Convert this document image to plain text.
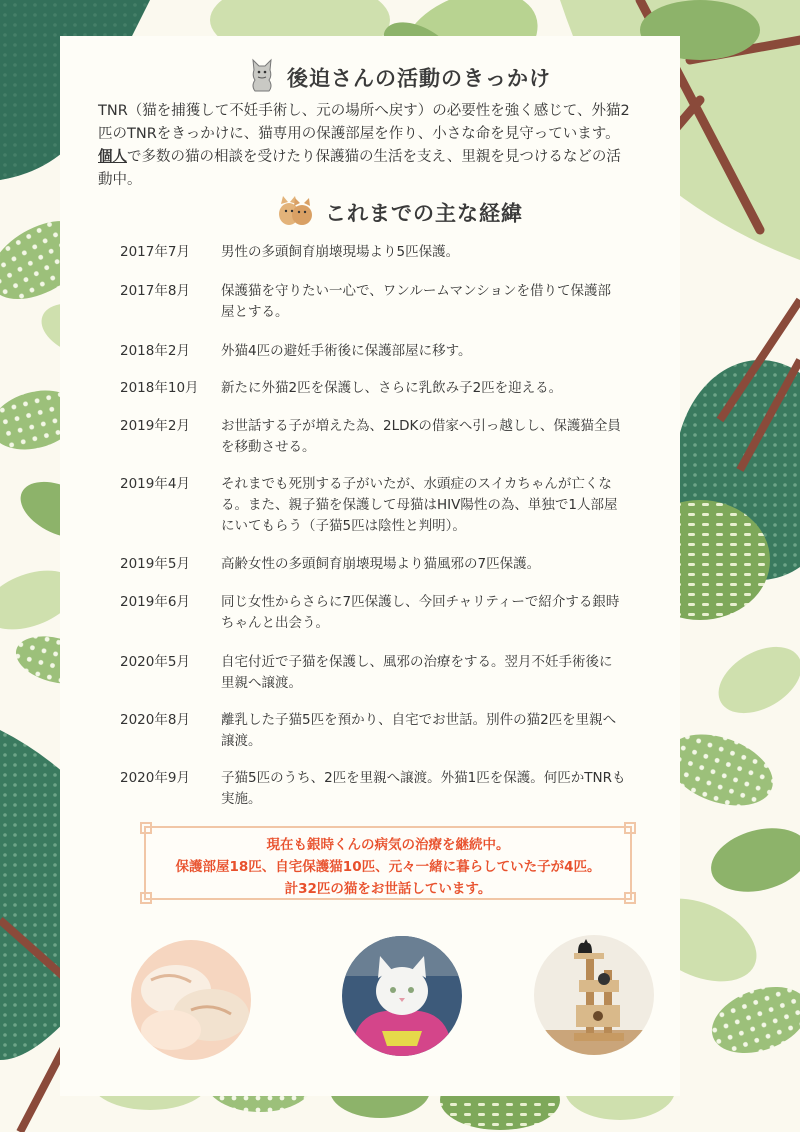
後迫さんの活動のきっかけ
TNR（猫を捕獲して不妊手術し、元の場所へ戻す）の必要性を強く感じて、外猫2
匹のTNRをきっかけに、猫専用の保護部屋を作り、小さな命を見守っています。
個人で多数の猫の相談を受けたり保護猫の生活を支え、里親を見つけるなどの活
動中。
これまでの主な経緯
2017年7月	男性の多頭飼育崩壊現場より5匹保護。
2017年8月	保護猫を守りたい一心で、ワンルームマンションを借りて保護部
屋とする。
2018年2月	外猫4匹の避妊手術後に保護部屋に移す。
2018年10月	新たに外猫2匹を保護し、さらに乳飲み子2匹を迎える。
2019年2月	お世話する子が増えた為、2LDKの借家へ引っ越しし、保護猫全員
を移動させる。
2019年4月	それまでも死別する子がいたが、水頭症のスイカちゃんが亡くな
る。また、親子猫を保護して母猫はHIV陽性の為、単独で1人部屋
にいてもらう（子猫5匹は陰性と判明）。
2019年5月	高齢女性の多頭飼育崩壊現場より猫風邪の7匹保護。
2019年6月	同じ女性からさらに7匹保護し、今回チャリティーで紹介する銀時
ちゃんと出会う。
2020年5月	自宅付近で子猫を保護し、風邪の治療をする。翌月不妊手術後に
里親へ譲渡。
2020年8月	離乳した子猫5匹を預かり、自宅でお世話。別件の猫2匹を里親へ
譲渡。
2020年9月	子猫5匹のうち、2匹を里親へ譲渡。外猫1匹を保護。何匹かTNRも
実施。
現在も銀時くんの病気の治療を継続中。
保護部屋18匹、自宅保護猫10匹、元々一緒に暮らしていた子が4匹。
計32匹の猫をお世話しています。
